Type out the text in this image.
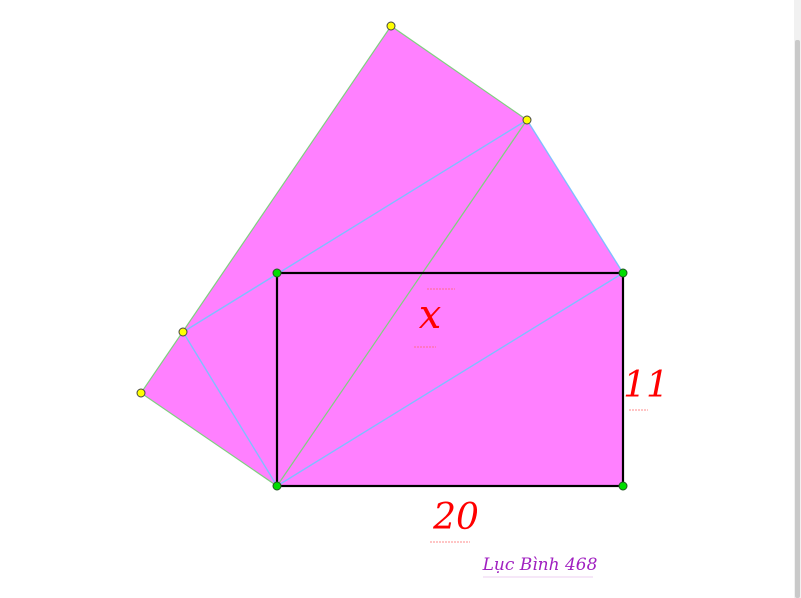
x
11
20
Lục Bình 468
